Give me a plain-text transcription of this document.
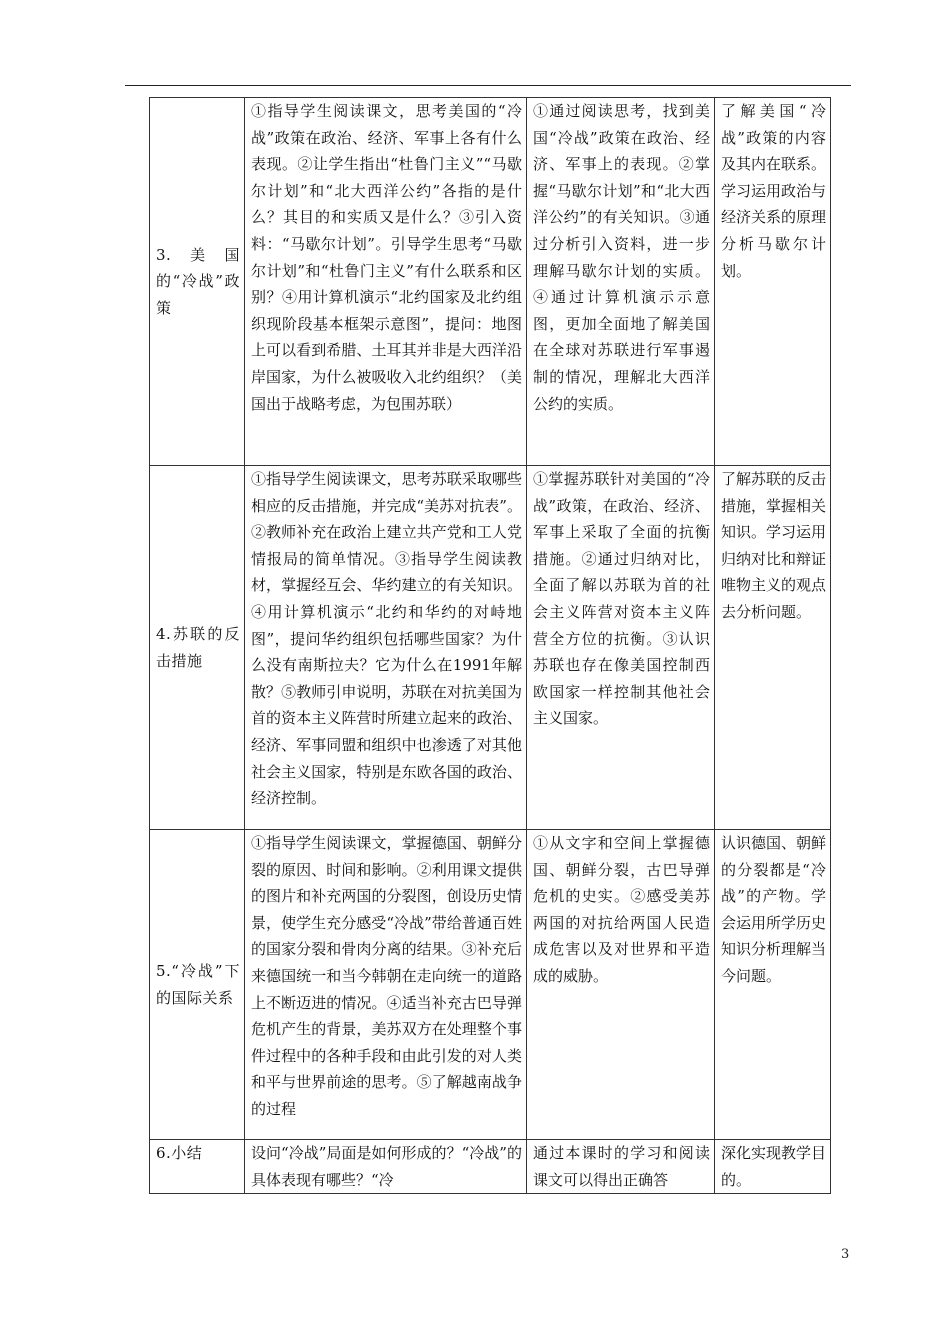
3.美国的“冷战”政策	①指导学生阅读课文，思考美国的“冷战”政策在政治、经济、军事上各有什么表现。②让学生指出“杜鲁门主义”“马歇尔计划”和“北大西洋公约”各指的是什么？其目的和实质又是什么？③引入资料：“马歇尔计划”。引导学生思考“马歇尔计划”和“杜鲁门主义”有什么联系和区别？④用计算机演示“北约国家及北约组织现阶段基本框架示意图”，提问：地图上可以看到希腊、土耳其并非是大西洋沿岸国家，为什么被吸收入北约组织？（美国出于战略考虑，为包围苏联）	①通过阅读思考，找到美国“冷战”政策在政治、经济、军事上的表现。②掌握“马歇尔计划”和“北大西洋公约”的有关知识。③通过分析引入资料，进一步理解马歇尔计划的实质。④通过计算机演示示意图，更加全面地了解美国在全球对苏联进行军事遏制的情况，理解北大西洋公约的实质。	了解美国“冷战”政策的内容及其内在联系。学习运用政治与经济关系的原理分析马歇尔计划。
4.苏联的反击措施	①指导学生阅读课文，思考苏联采取哪些相应的反击措施，并完成“美苏对抗表”。②教师补充在政治上建立共产党和工人党情报局的简单情况。③指导学生阅读教材，掌握经互会、华约建立的有关知识。④用计算机演示“北约和华约的对峙地图”，提问华约组织包括哪些国家？为什么没有南斯拉夫？它为什么在1991年解散？⑤教师引申说明，苏联在对抗美国为首的资本主义阵营时所建立起来的政治、经济、军事同盟和组织中也渗透了对其他社会主义国家，特别是东欧各国的政治、经济控制。	①掌握苏联针对美国的“冷战”政策，在政治、经济、军事上采取了全面的抗衡措施。②通过归纳对比，全面了解以苏联为首的社会主义阵营对资本主义阵营全方位的抗衡。③认识苏联也存在像美国控制西欧国家一样控制其他社会主义国家。	了解苏联的反击措施，掌握相关知识。学习运用归纳对比和辩证唯物主义的观点去分析问题。
5.“冷战”下的国际关系	①指导学生阅读课文，掌握德国、朝鲜分裂的原因、时间和影响。②利用课文提供的图片和补充两国的分裂图，创设历史情景，使学生充分感受“冷战”带给普通百姓的国家分裂和骨肉分离的结果。③补充后来德国统一和当今韩朝在走向统一的道路上不断迈进的情况。④适当补充古巴导弹危机产生的背景，美苏双方在处理整个事件过程中的各种手段和由此引发的对人类和平与世界前途的思考。⑤了解越南战争的过程	①从文字和空间上掌握德国、朝鲜分裂，古巴导弹危机的史实。②感受美苏两国的对抗给两国人民造成危害以及对世界和平造成的威胁。	认识德国、朝鲜的分裂都是“冷战”的产物。学会运用所学历史知识分析理解当今问题。
6.小结	设问“冷战”局面是如何形成的？“冷战”的具体表现有哪些？“冷	通过本课时的学习和阅读课文可以得出正确答	深化实现教学目的。
3
